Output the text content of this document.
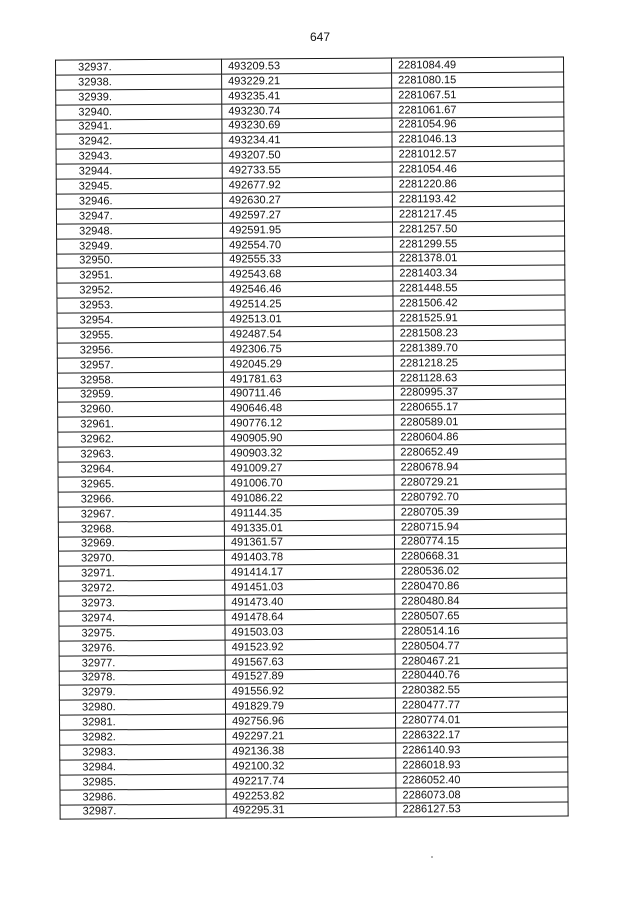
647
32937.	493209.53	2281084.49
32938.	493229.21	2281080.15
32939.	493235.41	2281067.51
32940.	493230.74	2281061.67
32941.	493230.69	2281054.96
32942.	493234.41	2281046.13
32943.	493207.50	2281012.57
32944.	492733.55	2281054.46
32945.	492677.92	2281220.86
32946.	492630.27	2281193.42
32947.	492597.27	2281217.45
32948.	492591.95	2281257.50
32949.	492554.70	2281299.55
32950.	492555.33	2281378.01
32951.	492543.68	2281403.34
32952.	492546.46	2281448.55
32953.	492514.25	2281506.42
32954.	492513.01	2281525.91
32955.	492487.54	2281508.23
32956.	492306.75	2281389.70
32957.	492045.29	2281218.25
32958.	491781.63	2281128.63
32959.	490711.46	2280995.37
32960.	490646.48	2280655.17
32961.	490776.12	2280589.01
32962.	490905.90	2280604.86
32963.	490903.32	2280652.49
32964.	491009.27	2280678.94
32965.	491006.70	2280729.21
32966.	491086.22	2280792.70
32967.	491144.35	2280705.39
32968.	491335.01	2280715.94
32969.	491361.57	2280774.15
32970.	491403.78	2280668.31
32971.	491414.17	2280536.02
32972.	491451.03	2280470.86
32973.	491473.40	2280480.84
32974.	491478.64	2280507.65
32975.	491503.03	2280514.16
32976.	491523.92	2280504.77
32977.	491567.63	2280467.21
32978.	491527.89	2280440.76
32979.	491556.92	2280382.55
32980.	491829.79	2280477.77
32981.	492756.96	2280774.01
32982.	492297.21	2286322.17
32983.	492136.38	2286140.93
32984.	492100.32	2286018.93
32985.	492217.74	2286052.40
32986.	492253.82	2286073.08
32987.	492295.31	2286127.53
